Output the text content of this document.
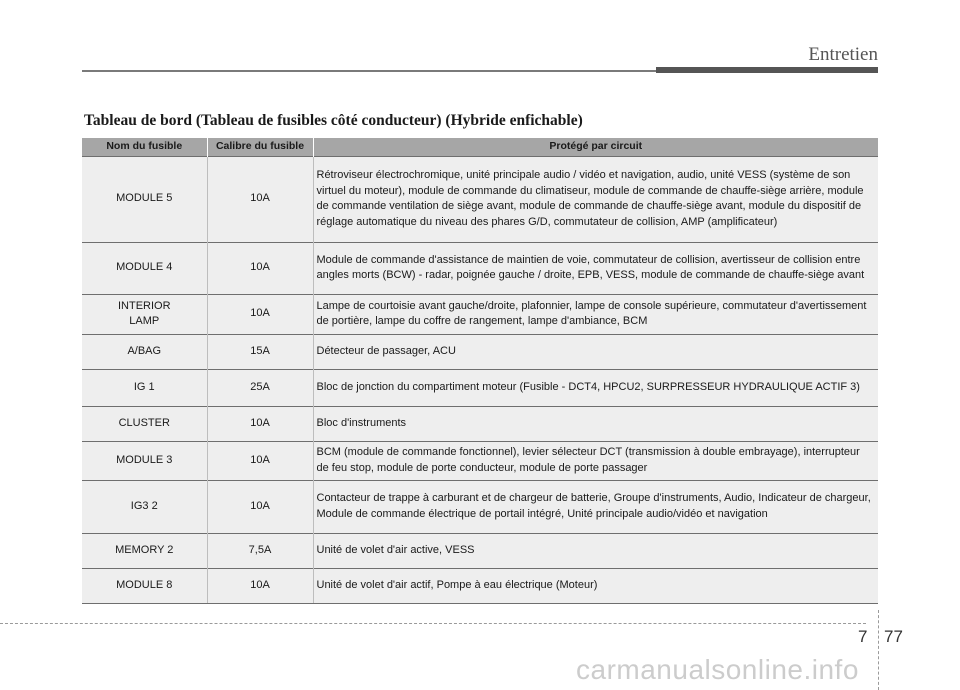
Entretien
Tableau de bord (Tableau de fusibles côté conducteur) (Hybride enfichable)
Nom du fusible	Calibre du fusible	Protégé par circuit
MODULE 5	10A	Rétroviseur électrochromique, unité principale audio / vidéo et navigation, audio, unité VESS (système de son virtuel du moteur), module de commande du climatiseur, module de commande de chauffe-siège arrière, module de commande ventilation de siège avant, module de commande de chauffe-siège avant, module du dispositif de réglage automatique du niveau des phares G/D, commutateur de collision, AMP (amplificateur)
MODULE 4	10A	Module de commande d'assistance de maintien de voie, commutateur de collision, avertisseur de collision entre angles morts (BCW) - radar, poignée gauche / droite, EPB, VESS, module de commande de chauffe-siège avant
INTERIOR LAMP	10A	Lampe de courtoisie avant gauche/droite, plafonnier, lampe de console supérieure, commutateur d'avertissement de portière, lampe du coffre de rangement, lampe d'ambiance, BCM
A/BAG	15A	Détecteur de passager, ACU
IG 1	25A	Bloc de jonction du compartiment moteur (Fusible - DCT4, HPCU2, SURPRESSEUR HYDRAULIQUE ACTIF 3)
CLUSTER	10A	Bloc d'instruments
MODULE 3	10A	BCM (module de commande fonctionnel), levier sélecteur DCT (transmission à double embrayage), interrupteur de feu stop, module de porte conducteur, module de porte passager
IG3 2	10A	Contacteur de trappe à carburant et de chargeur de batterie, Groupe d'instruments, Audio, Indicateur de chargeur, Module de commande électrique de portail intégré, Unité principale audio/vidéo et navigation
MEMORY 2	7,5A	Unité de volet d'air active, VESS
MODULE 8	10A	Unité de volet d'air actif, Pompe à eau électrique (Moteur)
7 77
carmanualsonline.info
